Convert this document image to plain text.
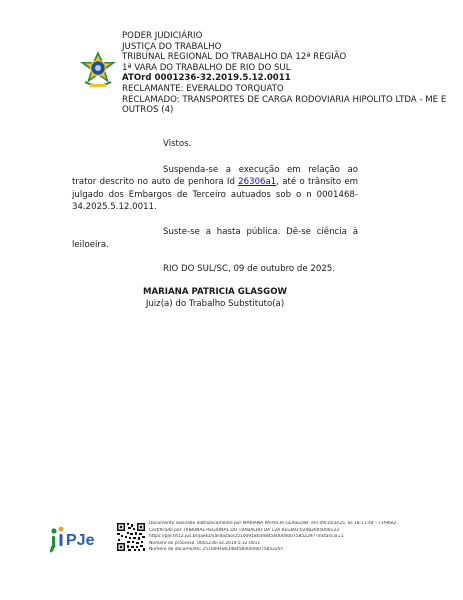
PODER JUDICIÁRIO
JUSTIÇA DO TRABALHO
TRIBUNAL REGIONAL DO TRABALHO DA 12ª REGIÃO
1ª VARA DO TRABALHO DE RIO DO SUL
ATOrd 0001236-32.2019.5.12.0011
RECLAMANTE: EVERALDO TORQUATO
RECLAMADO: TRANSPORTES DE CARGA RODOVIARIA HIPOLITO LTDA - ME E OUTROS (4)

Vistos.

Suspenda-se a execução em relação ao trator descrito no auto de penhora Id 26306a1, até o trânsito em julgado dos Embargos de Terceiro autuados sob o n 0001468-34.2025.5.12.0011.

Suste-se a hasta pública. Dê-se ciência à leiloeira.

RIO DO SUL/SC, 09 de outubro de 2025.

MARIANA PATRICIA GLASGOW
Juiz(a) do Trabalho Substituto(a)
PJe
Documento assinado eletronicamente por MARIANA PATRICIA GLASGOW, em 09/10/2025, às 18:11:44 - 71f96e2
Certificado por TRIBUNAL REGIONAL DO TRABALHO DA 12A REGIAO:02482005000123
https://pje.trt12.jus.br/pjekz/validacao/25100918034845600000075852297?instancia=1
Número do processo: 0001236-32.2019.5.12.0011
Número do documento: 25100918034845600000075852297
